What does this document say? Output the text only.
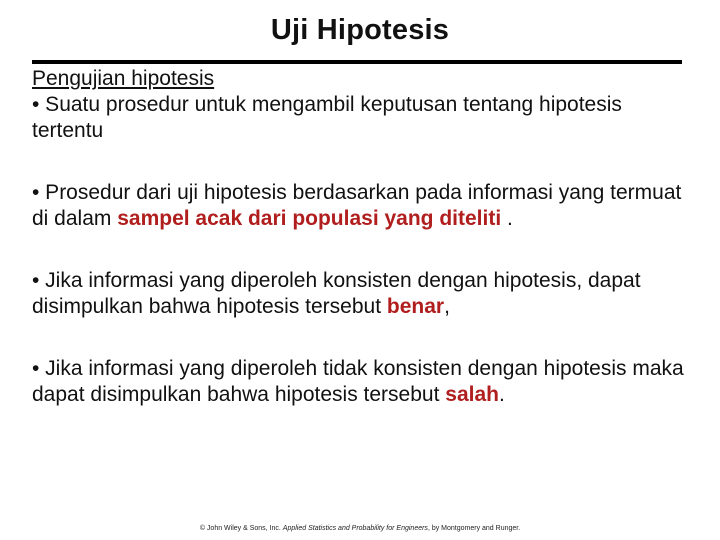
Uji Hipotesis
Pengujian hipotesis

• Suatu prosedur untuk mengambil keputusan tentang hipotesis tertentu

• Prosedur dari uji hipotesis berdasarkan pada informasi yang termuat di dalam sampel acak dari populasi yang diteliti .

• Jika informasi yang diperoleh konsisten dengan hipotesis, dapat disimpulkan bahwa hipotesis tersebut benar,

• Jika informasi yang diperoleh tidak konsisten dengan hipotesis maka dapat disimpulkan bahwa hipotesis tersebut salah.

© John Wiley & Sons, Inc. Applied Statistics and Probability for Engineers, by Montgomery and Runger.
